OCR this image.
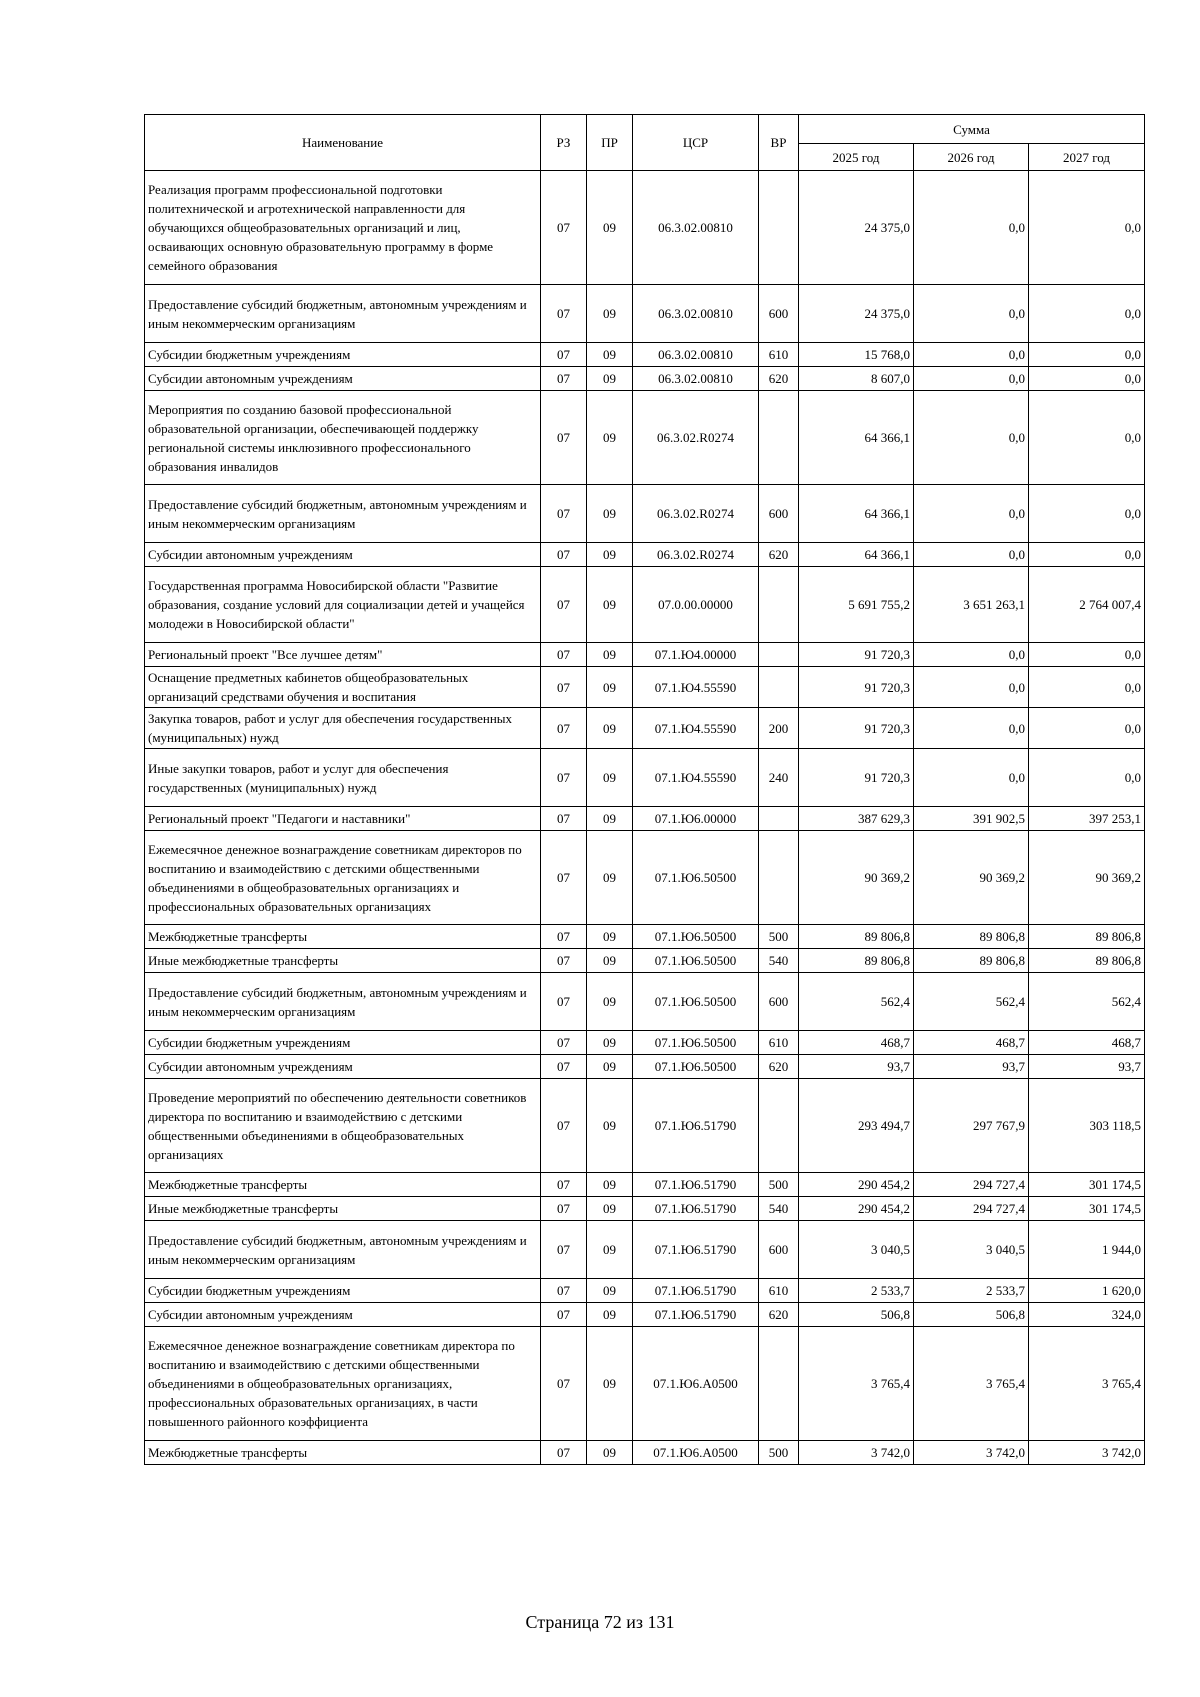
Наименование	РЗ	ПР	ЦСР	ВР	Сумма		
					2025 год	2026 год	2027 год
Реализация программ профессиональной подготовки политехнической и агротехнической направленности для обучающихся общеобразовательных организаций и лиц, осваивающих основную образовательную программу в форме семейного образования	07	09	06.3.02.00810		24 375,0	0,0	0,0
Предоставление субсидий бюджетным, автономным учреждениям и иным некоммерческим организациям	07	09	06.3.02.00810	600	24 375,0	0,0	0,0
Субсидии бюджетным учреждениям	07	09	06.3.02.00810	610	15 768,0	0,0	0,0
Субсидии автономным учреждениям	07	09	06.3.02.00810	620	8 607,0	0,0	0,0
Мероприятия по созданию базовой профессиональной образовательной организации, обеспечивающей поддержку региональной системы инклюзивного профессионального образования инвалидов	07	09	06.3.02.R0274		64 366,1	0,0	0,0
Предоставление субсидий бюджетным, автономным учреждениям и иным некоммерческим организациям	07	09	06.3.02.R0274	600	64 366,1	0,0	0,0
Субсидии автономным учреждениям	07	09	06.3.02.R0274	620	64 366,1	0,0	0,0
Государственная программа Новосибирской области "Развитие образования, создание условий для социализации детей и учащейся молодежи в Новосибирской области"	07	09	07.0.00.00000		5 691 755,2	3 651 263,1	2 764 007,4
Региональный проект "Все лучшее детям"	07	09	07.1.Ю4.00000		91 720,3	0,0	0,0
Оснащение предметных кабинетов общеобразовательных организаций средствами обучения и воспитания	07	09	07.1.Ю4.55590		91 720,3	0,0	0,0
Закупка товаров, работ и услуг для обеспечения государственных (муниципальных) нужд	07	09	07.1.Ю4.55590	200	91 720,3	0,0	0,0
Иные закупки товаров, работ и услуг для обеспечения государственных (муниципальных) нужд	07	09	07.1.Ю4.55590	240	91 720,3	0,0	0,0
Региональный проект "Педагоги и наставники"	07	09	07.1.Ю6.00000		387 629,3	391 902,5	397 253,1
Ежемесячное денежное вознаграждение советникам директоров по воспитанию и взаимодействию с детскими общественными объединениями в общеобразовательных организациях и профессиональных образовательных организациях	07	09	07.1.Ю6.50500		90 369,2	90 369,2	90 369,2
Межбюджетные трансферты	07	09	07.1.Ю6.50500	500	89 806,8	89 806,8	89 806,8
Иные межбюджетные трансферты	07	09	07.1.Ю6.50500	540	89 806,8	89 806,8	89 806,8
Предоставление субсидий бюджетным, автономным учреждениям и иным некоммерческим организациям	07	09	07.1.Ю6.50500	600	562,4	562,4	562,4
Субсидии бюджетным учреждениям	07	09	07.1.Ю6.50500	610	468,7	468,7	468,7
Субсидии автономным учреждениям	07	09	07.1.Ю6.50500	620	93,7	93,7	93,7
Проведение мероприятий по обеспечению деятельности советников директора по воспитанию и взаимодействию с детскими общественными объединениями в общеобразовательных организациях	07	09	07.1.Ю6.51790		293 494,7	297 767,9	303 118,5
Межбюджетные трансферты	07	09	07.1.Ю6.51790	500	290 454,2	294 727,4	301 174,5
Иные межбюджетные трансферты	07	09	07.1.Ю6.51790	540	290 454,2	294 727,4	301 174,5
Предоставление субсидий бюджетным, автономным учреждениям и иным некоммерческим организациям	07	09	07.1.Ю6.51790	600	3 040,5	3 040,5	1 944,0
Субсидии бюджетным учреждениям	07	09	07.1.Ю6.51790	610	2 533,7	2 533,7	1 620,0
Субсидии автономным учреждениям	07	09	07.1.Ю6.51790	620	506,8	506,8	324,0
Ежемесячное денежное вознаграждение советникам директора по воспитанию и взаимодействию с детскими общественными объединениями в общеобразовательных организациях, профессиональных образовательных организациях, в части повышенного районного коэффициента	07	09	07.1.Ю6.А0500		3 765,4	3 765,4	3 765,4
Межбюджетные трансферты	07	09	07.1.Ю6.А0500	500	3 742,0	3 742,0	3 742,0
Страница 72 из 131
